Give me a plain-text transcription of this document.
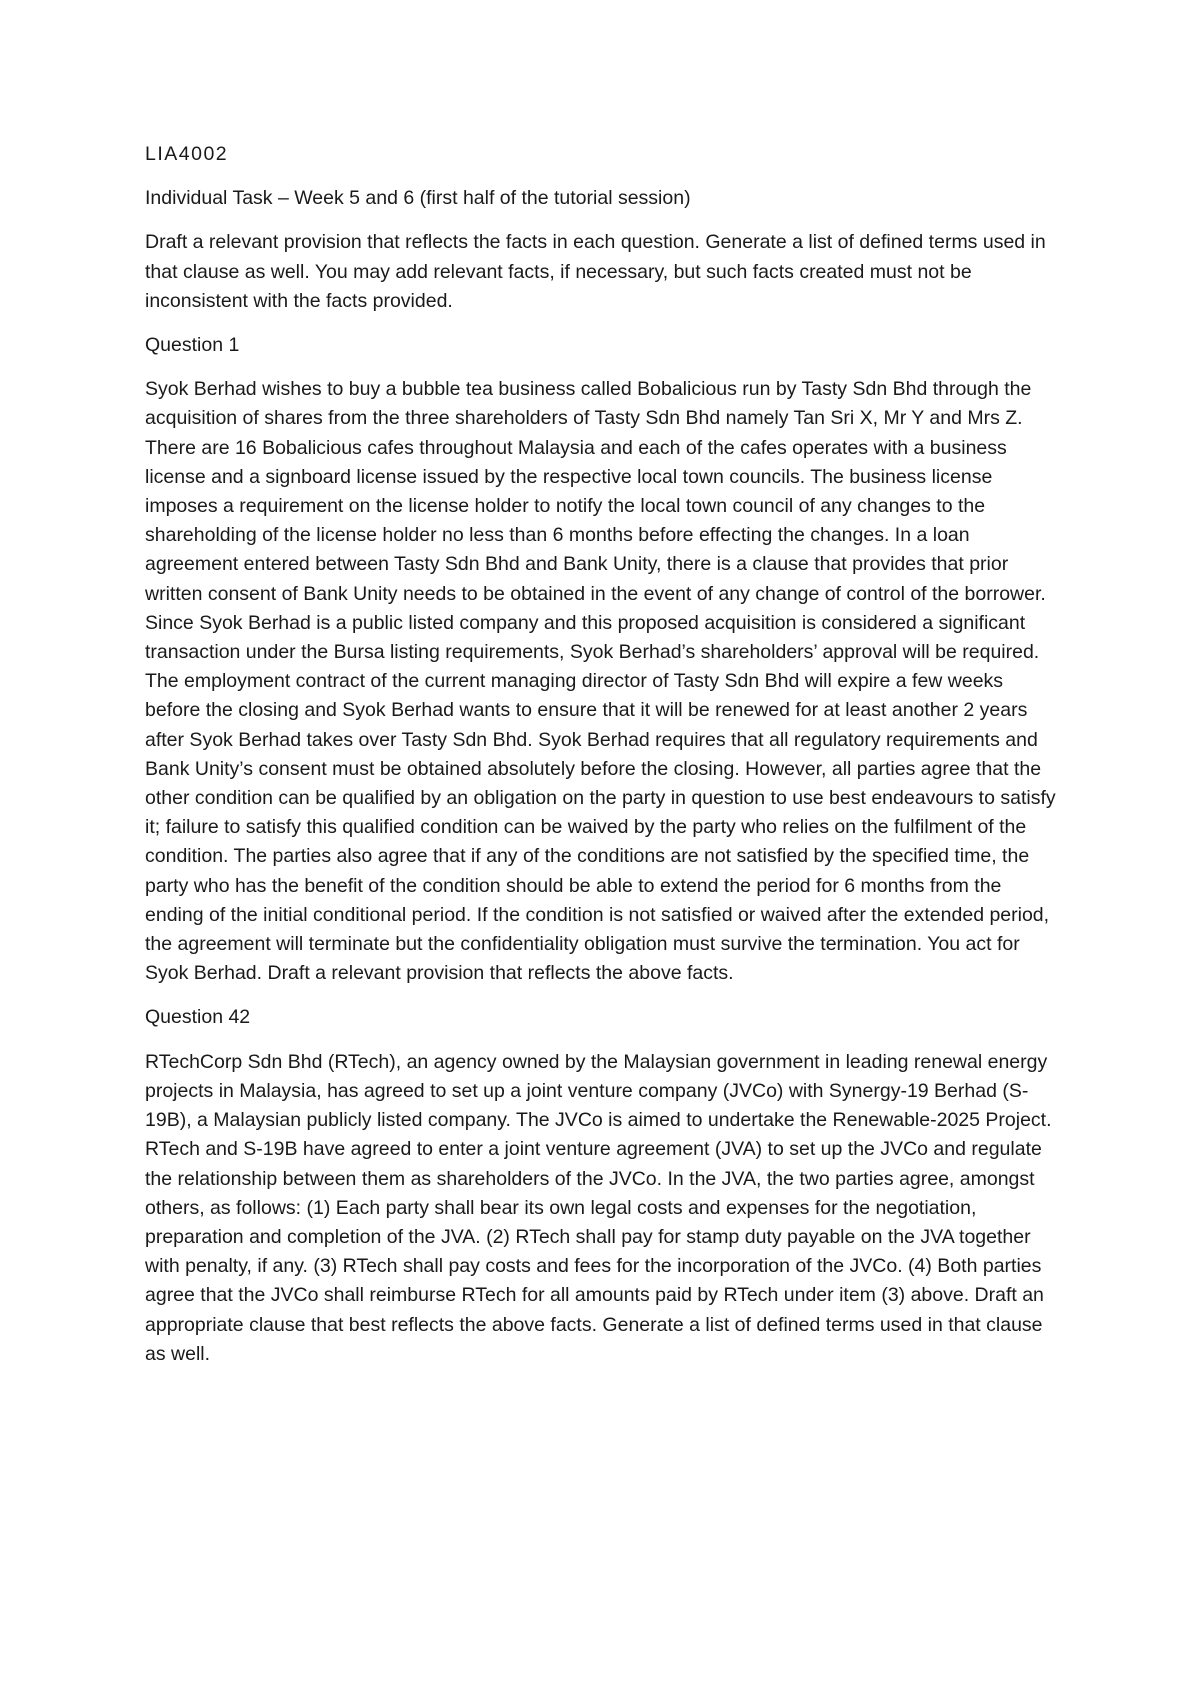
LIA4002

Individual Task – Week 5 and 6 (first half of the tutorial session)

Draft a relevant provision that reflects the facts in each question. Generate a list of defined terms used in that clause as well. You may add relevant facts, if necessary, but such facts created must not be inconsistent with the facts provided.

Question 1

Syok Berhad wishes to buy a bubble tea business called Bobalicious run by Tasty Sdn Bhd through the acquisition of shares from the three shareholders of Tasty Sdn Bhd namely Tan Sri X, Mr Y and Mrs Z. There are 16 Bobalicious cafes throughout Malaysia and each of the cafes operates with a business license and a signboard license issued by the respective local town councils. The business license imposes a requirement on the license holder to notify the local town council of any changes to the shareholding of the license holder no less than 6 months before effecting the changes. In a loan agreement entered between Tasty Sdn Bhd and Bank Unity, there is a clause that provides that prior written consent of Bank Unity needs to be obtained in the event of any change of control of the borrower. Since Syok Berhad is a public listed company and this proposed acquisition is considered a significant transaction under the Bursa listing requirements, Syok Berhad’s shareholders’ approval will be required. The employment contract of the current managing director of Tasty Sdn Bhd will expire a few weeks before the closing and Syok Berhad wants to ensure that it will be renewed for at least another 2 years after Syok Berhad takes over Tasty Sdn Bhd. Syok Berhad requires that all regulatory requirements and Bank Unity’s consent must be obtained absolutely before the closing. However, all parties agree that the other condition can be qualified by an obligation on the party in question to use best endeavours to satisfy it; failure to satisfy this qualified condition can be waived by the party who relies on the fulfilment of the condition. The parties also agree that if any of the conditions are not satisfied by the specified time, the party who has the benefit of the condition should be able to extend the period for 6 months from the ending of the initial conditional period. If the condition is not satisfied or waived after the extended period, the agreement will terminate but the confidentiality obligation must survive the termination. You act for Syok Berhad. Draft a relevant provision that reflects the above facts.

Question 42

RTechCorp Sdn Bhd (RTech), an agency owned by the Malaysian government in leading renewal energy projects in Malaysia, has agreed to set up a joint venture company (JVCo) with Synergy-19 Berhad (S-19B), a Malaysian publicly listed company. The JVCo is aimed to undertake the Renewable-2025 Project. RTech and S-19B have agreed to enter a joint venture agreement (JVA) to set up the JVCo and regulate the relationship between them as shareholders of the JVCo. In the JVA, the two parties agree, amongst others, as follows: (1) Each party shall bear its own legal costs and expenses for the negotiation, preparation and completion of the JVA. (2) RTech shall pay for stamp duty payable on the JVA together with penalty, if any. (3) RTech shall pay costs and fees for the incorporation of the JVCo. (4) Both parties agree that the JVCo shall reimburse RTech for all amounts paid by RTech under item (3) above. Draft an appropriate clause that best reflects the above facts. Generate a list of defined terms used in that clause as well.
